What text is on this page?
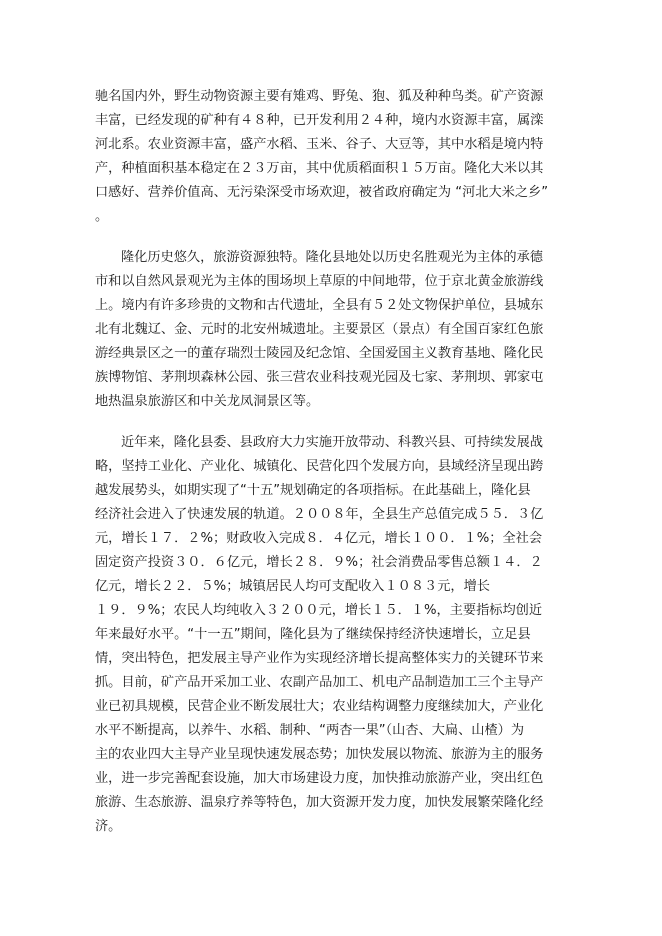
驰名国内外，野生动物资源主要有雉鸡、野兔、狍、狐及种种鸟类。矿产资源
丰富，已经发现的矿种有４８种，已开发利用２４种，境内水资源丰富，属滦
河北系。农业资源丰富，盛产水稻、玉米、谷子、大豆等，其中水稻是境内特
产，种植面积基本稳定在２３万亩，其中优质稻面积１５万亩。隆化大米以其
口感好、营养价值高、无污染深受市场欢迎，被省政府确定为 “河北大米之乡”
。
隆化历史悠久，旅游资源独特。隆化县地处以历史名胜观光为主体的承德
市和以自然风景观光为主体的围场坝上草原的中间地带，位于京北黄金旅游线
上。境内有许多珍贵的文物和古代遗址，全县有５２处文物保护单位，县城东
北有北魏辽、金、元时的北安州城遗址。主要景区（景点）有全国百家红色旅
游经典景区之一的董存瑞烈士陵园及纪念馆、全国爱国主义教育基地、隆化民
族博物馆、茅荆坝森林公园、张三营农业科技观光园及七家、茅荆坝、郭家屯
地热温泉旅游区和中关龙凤洞景区等。
近年来，隆化县委、县政府大力实施开放带动、科教兴县、可持续发展战
略，坚持工业化、产业化、城镇化、民营化四个发展方向，县域经济呈现出跨
越发展势头，如期实现了“十五”规划确定的各项指标。在此基础上，隆化县
经济社会进入了快速发展的轨道。２００８年，全县生产总值完成５５．３亿
元，增长１７．２%；财政收入完成８．４亿元，增长１００．１%；全社会
固定资产投资３０．６亿元，增长２８．９%；社会消费品零售总额１４．２
亿元，增长２２．５%；城镇居民人均可支配收入１０８３元，增长
１９．９%；农民人均纯收入３２００元，增长１５．１%，主要指标均创近
年来最好水平。“十一五”期间，隆化县为了继续保持经济快速增长，立足县
情，突出特色，把发展主导产业作为实现经济增长提高整体实力的关键环节来
抓。目前，矿产品开采加工业、农副产品加工、机电产品制造加工三个主导产
业已初具规模，民营企业不断发展壮大；农业结构调整力度继续加大，产业化
水平不断提高，以养牛、水稻、制种、“两杏一果”（山杏、大扁、山楂）为
主的农业四大主导产业呈现快速发展态势；加快发展以物流、旅游为主的服务
业，进一步完善配套设施，加大市场建设力度，加快推动旅游产业，突出红色
旅游、生态旅游、温泉疗养等特色，加大资源开发力度，加快发展繁荣隆化经
济。
